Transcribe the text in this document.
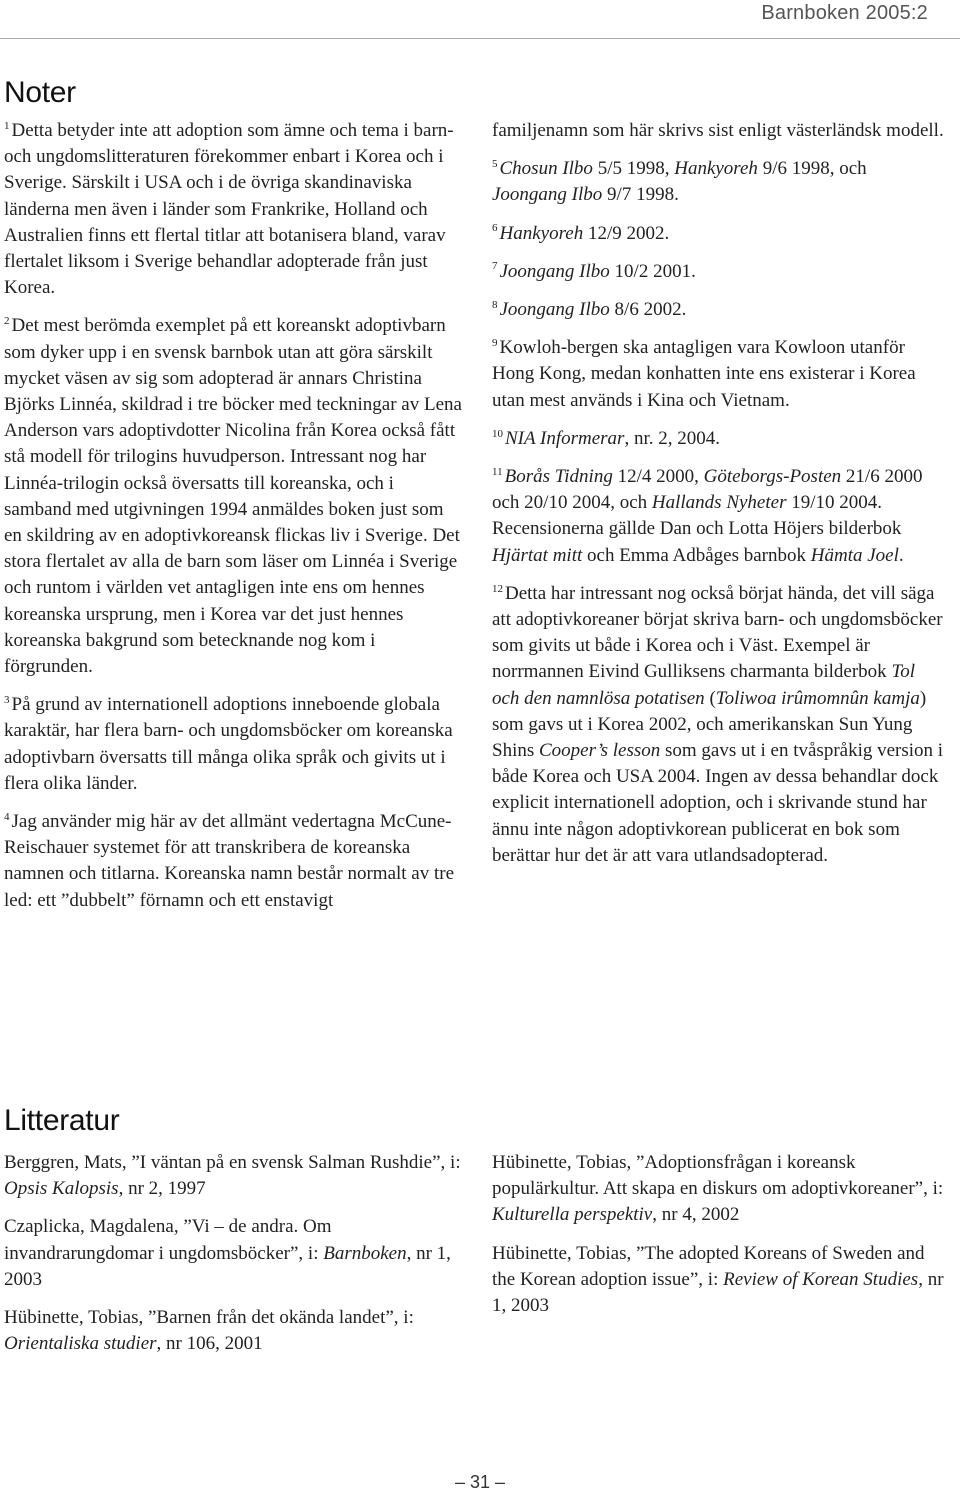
Barnboken 2005:2
Noter

$^1$ Detta betyder inte att adoption som ämne och tema i barn- och ungdomslitteraturen förekommer enbart i Korea och i Sverige. Särskilt i USA och i de övriga skandinaviska länderna men även i länder som Frankrike, Holland och Australien finns ett flertal titlar att botanisera bland, varav flertalet liksom i Sverige behandlar adopterade från just Korea.

$^2$ Det mest berömda exemplet på ett koreanskt adoptivbarn som dyker upp i en svensk barnbok utan att göra särskilt mycket väsen av sig som adopterad är annars Christina Björks Linnéa, skildrad i tre böcker med teckningar av Lena Anderson vars adoptivdotter Nicolina från Korea också fått stå modell för trilogins huvudperson. Intressant nog har Linnéa-trilogin också översatts till koreanska, och i samband med utgivningen 1994 anmäldes boken just som en skildring av en adoptivkoreansk flickas liv i Sverige. Det stora flertalet av alla de barn som läser om Linnéa i Sverige och runtom i världen vet antagligen inte ens om hennes koreanska ursprung, men i Korea var det just hennes koreanska bakgrund som betecknande nog kom i förgrunden.

$^3$ På grund av internationell adoptions inneboende globala karaktär, har flera barn- och ungdomsböcker om koreanska adoptivbarn översatts till många olika språk och givits ut i flera olika länder.

$^4$ Jag använder mig här av det allmänt vedertagna McCune-Reischauer systemet för att transkribera de koreanska namnen och titlarna. Koreanska namn består normalt av tre led: ett ”dubbelt” förnamn och ett enstavigt

familjenamn som här skrivs sist enligt västerländsk modell.

$^5$ Chosun Ilbo 5/5 1998, Hankyoreh 9/6 1998, och Joongang Ilbo 9/7 1998.

$^6$ Hankyoreh 12/9 2002.

$^7$ Joongang Ilbo 10/2 2001.

$^8$ Joongang Ilbo 8/6 2002.

$^9$ Kowloh-bergen ska antagligen vara Kowloon utanför Hong Kong, medan konhatten inte ens existerar i Korea utan mest används i Kina och Vietnam.

$^{10}$ NIA Informerar, nr. 2, 2004.

$^{11}$ Borås Tidning 12/4 2000, Göteborgs-Posten 21/6 2000 och 20/10 2004, och Hallands Nyheter 19/10 2004. Recensionerna gällde Dan och Lotta Höjers bilderbok Hjärtat mitt och Emma Adbåges barnbok Hämta Joel.

$^{12}$ Detta har intressant nog också börjat hända, det vill säga att adoptivkoreaner börjat skriva barn- och ungdomsböcker som givits ut både i Korea och i Väst. Exempel är norrmannen Eivind Gulliksens charmanta bilderbok Tol och den namnlösa potatisen (Toliwoa irûmomnûn kamja) som gavs ut i Korea 2002, och amerikanskan Sun Yung Shins Cooper’s lesson som gavs ut i en tvåspråkig version i både Korea och USA 2004. Ingen av dessa behandlar dock explicit internationell adoption, och i skrivande stund har ännu inte någon adoptivkorean publicerat en bok som berättar hur det är att vara utlandsadopterad.

Litteratur

Berggren, Mats, ”I väntan på en svensk Salman Rushdie”, i: Opsis Kalopsis, nr 2, 1997

Czaplicka, Magdalena, ”Vi – de andra. Om invandrarungdomar i ungdomsböcker”, i: Barnboken, nr 1, 2003

Hübinette, Tobias, ”Barnen från det okända landet”, i: Orientaliska studier, nr 106, 2001

Hübinette, Tobias, ”Adoptionsfrågan i koreansk populärkultur. Att skapa en diskurs om adoptivkoreaner”, i: Kulturella perspektiv, nr 4, 2002

Hübinette, Tobias, ”The adopted Koreans of Sweden and the Korean adoption issue”, i: Review of Korean Studies, nr 1, 2003

– 31 –
